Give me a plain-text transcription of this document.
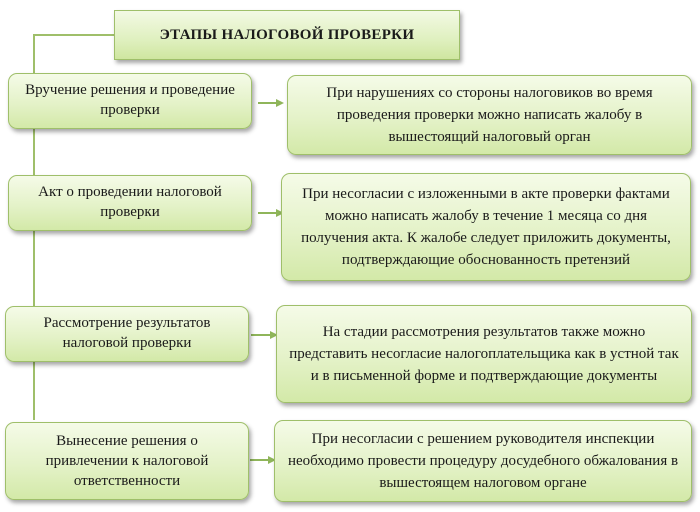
ЭТАПЫ НАЛОГОВОЙ ПРОВЕРКИ
Вручение решения и проведение проверки
При нарушениях со стороны налоговиков во время проведения проверки можно написать жалобу в вышестоящий налоговый орган
Акт о проведении налоговой проверки
При несогласии с изложенными в акте проверки фактами можно написать жалобу в течение 1 месяца со дня получения акта. К жалобе следует приложить документы, подтверждающие обоснованность претензий
Рассмотрение результатов налоговой проверки
На стадии рассмотрения результатов также можно представить несогласие налогоплательщика как в устной так и в письменной форме и подтверждающие документы
Вынесение решения о привлечении к налоговой ответственности
При несогласии с решением руководителя инспекции необходимо провести процедуру досудебного обжалования в вышестоящем налоговом органе
